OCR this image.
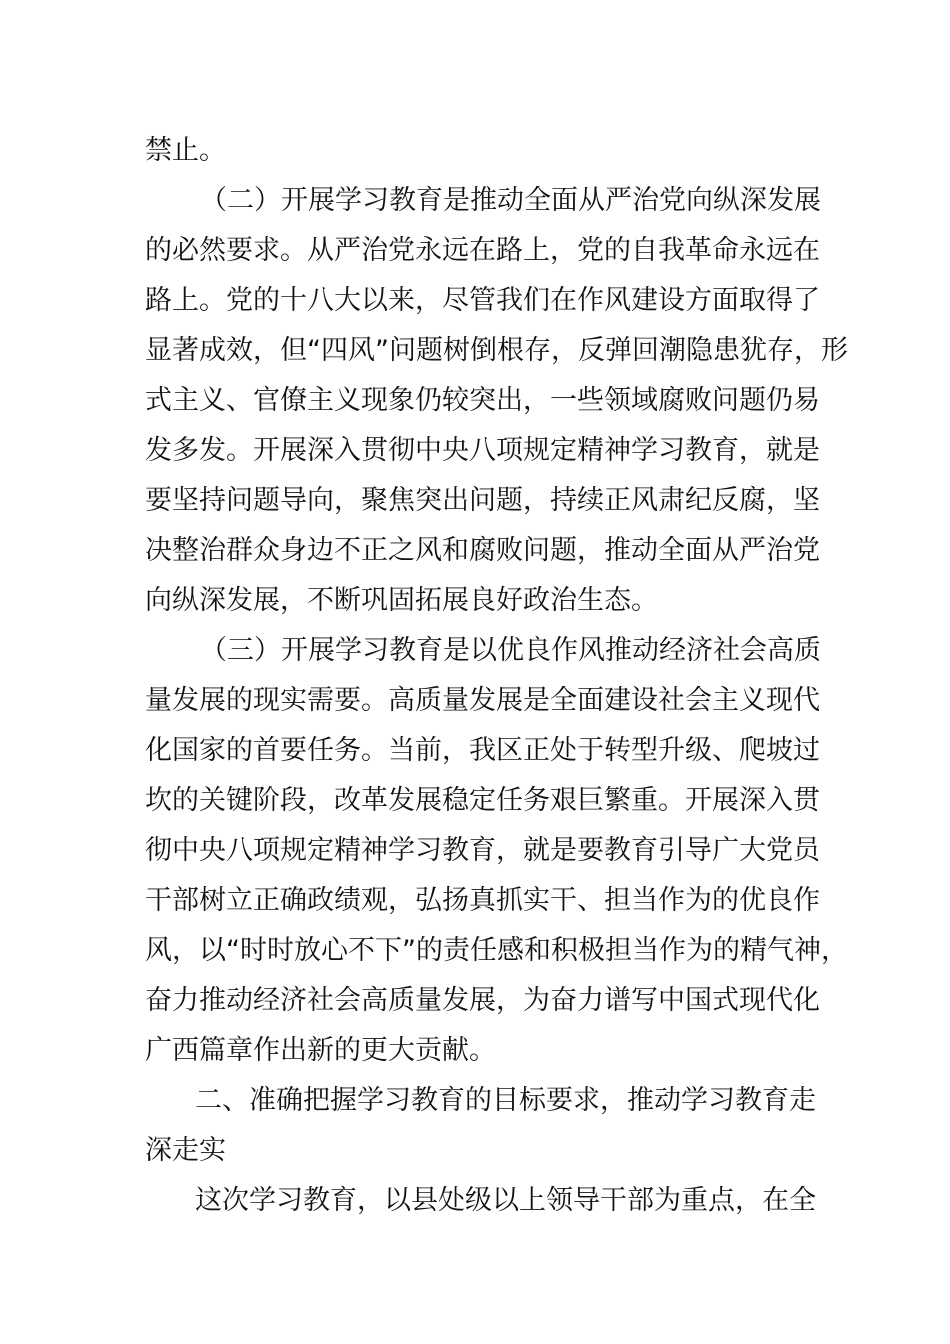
禁止。
（二）开展学习教育是推动全面从严治党向纵深发展
的必然要求。从严治党永远在路上，党的自我革命永远在
路上。党的十八大以来，尽管我们在作风建设方面取得了
显著成效，但“四风”问题树倒根存，反弹回潮隐患犹存，形
式主义、官僚主义现象仍较突出，一些领域腐败问题仍易
发多发。开展深入贯彻中央八项规定精神学习教育，就是
要坚持问题导向，聚焦突出问题，持续正风肃纪反腐，坚
决整治群众身边不正之风和腐败问题，推动全面从严治党
向纵深发展，不断巩固拓展良好政治生态。
（三）开展学习教育是以优良作风推动经济社会高质
量发展的现实需要。高质量发展是全面建设社会主义现代
化国家的首要任务。当前，我区正处于转型升级、爬坡过
坎的关键阶段，改革发展稳定任务艰巨繁重。开展深入贯
彻中央八项规定精神学习教育，就是要教育引导广大党员
干部树立正确政绩观，弘扬真抓实干、担当作为的优良作
风，以“时时放心不下”的责任感和积极担当作为的精气神，
奋力推动经济社会高质量发展，为奋力谱写中国式现代化
广西篇章作出新的更大贡献。
二、准确把握学习教育的目标要求，推动学习教育走
深走实
这次学习教育，以县处级以上领导干部为重点，在全
